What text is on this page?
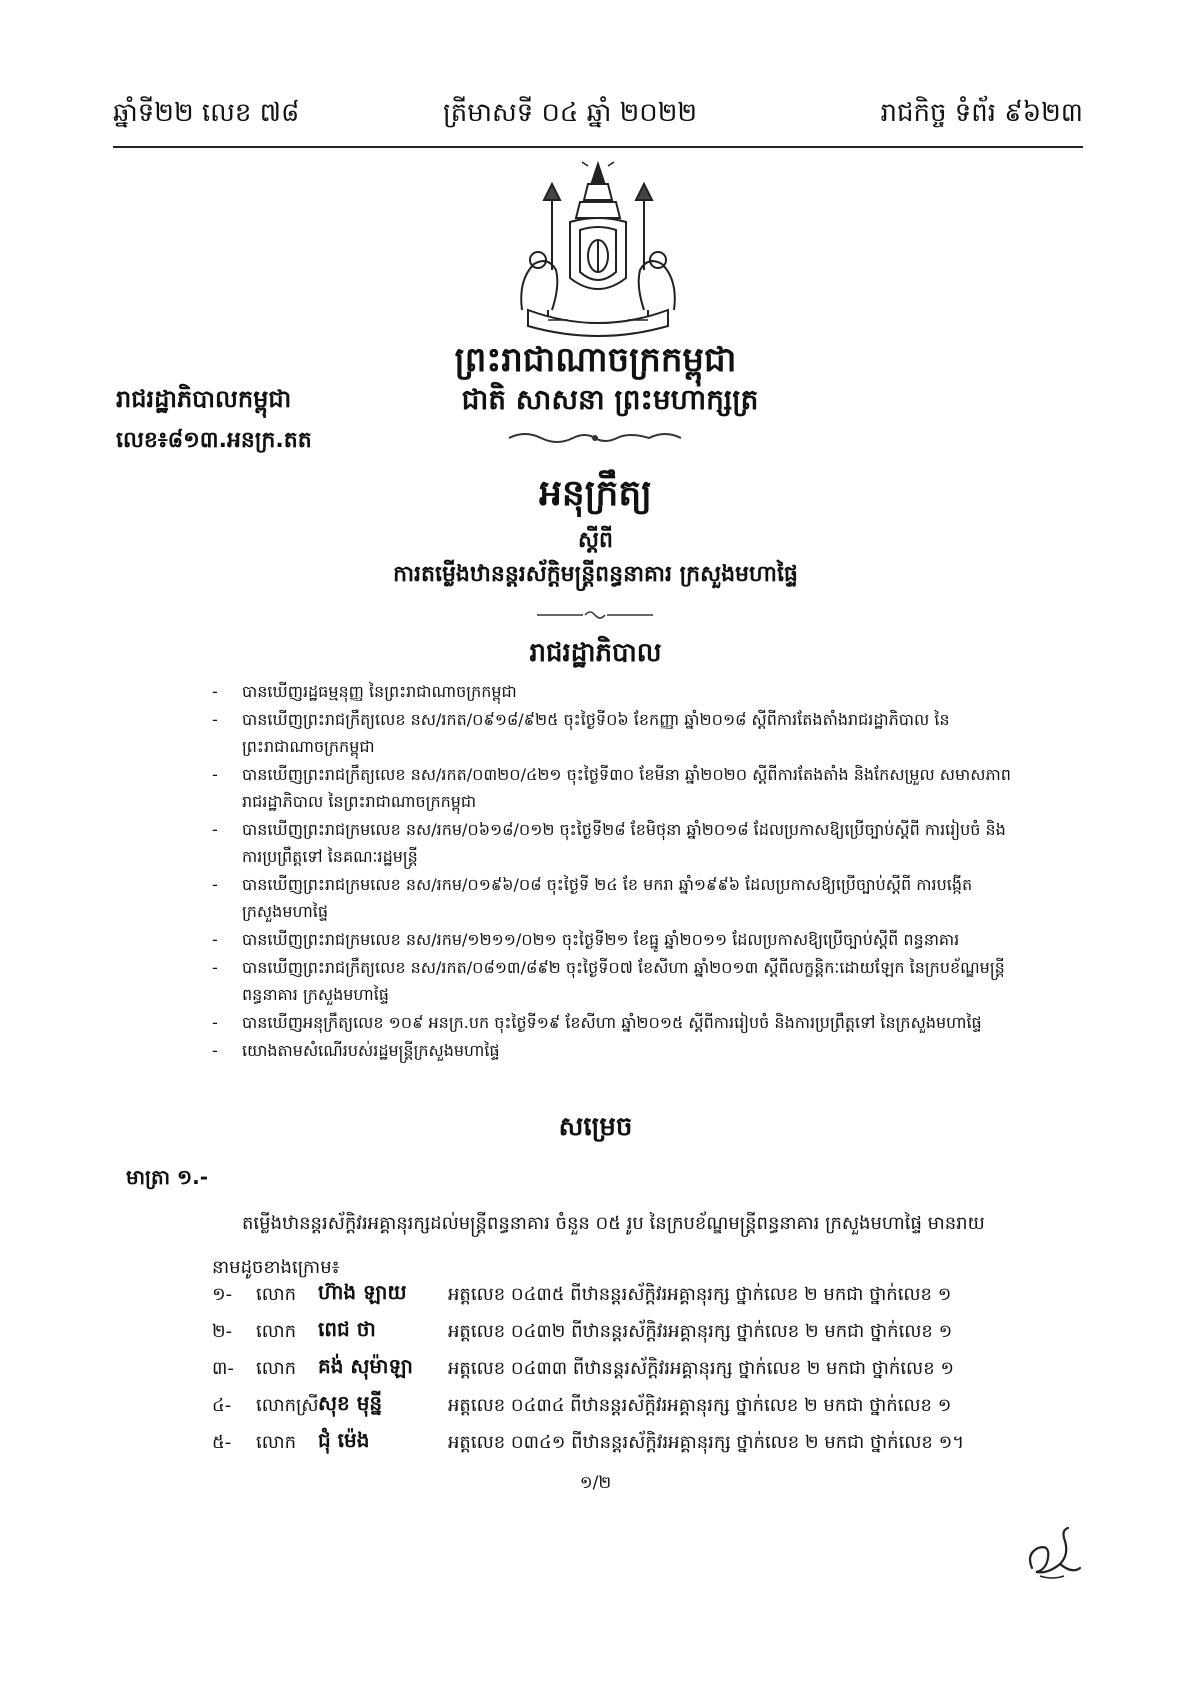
ឆ្នាំទី២២ លេខ ៧៨	ត្រីមាសទី ០៤ ឆ្នាំ ២០២២	រាជកិច្ច ទំព័រ ៩៦២៣
ព្រះរាជាណាចក្រកម្ពុជា
ជាតិ សាសនា ព្រះមហាក្សត្រ
រាជរដ្ឋាភិបាលកម្ពុជា
លេខ៖៨១៣.អនក្រ.តត
អនុក្រឹត្យ
ស្តីពី
ការតម្លើងឋានន្តរស័ក្តិមន្ត្រីពន្ធនាគារ ក្រសួងមហាផ្ទៃ
រាជរដ្ឋាភិបាល
- បានឃើញរដ្ឋធម្មនុញ្ញ នៃព្រះរាជាណាចក្រកម្ពុជា
- បានឃើញព្រះរាជក្រឹត្យលេខ នស/រកត/០៩១៨/៩២៥ ចុះថ្ងៃទី០៦ ខែកញ្ញា ឆ្នាំ២០១៨ ស្តីពីការតែងតាំងរាជរដ្ឋាភិបាល នៃព្រះរាជាណាចក្រកម្ពុជា
- បានឃើញព្រះរាជក្រឹត្យលេខ នស/រកត/០៣២០/៤២១ ចុះថ្ងៃទី៣០ ខែមីនា ឆ្នាំ២០២០ ស្តីពីការតែងតាំង និងកែសម្រួល សមាសភាពរាជរដ្ឋាភិបាល នៃព្រះរាជាណាចក្រកម្ពុជា
- បានឃើញព្រះរាជក្រមលេខ នស/រកម/០៦១៨/០១២ ចុះថ្ងៃទី២៨ ខែមិថុនា ឆ្នាំ២០១៨ ដែលប្រកាសឱ្យប្រើច្បាប់ស្តីពី ការរៀបចំ និងការប្រព្រឹត្តទៅ នៃគណៈរដ្ឋមន្ត្រី
- បានឃើញព្រះរាជក្រមលេខ នស/រកម/០១៩៦/០៨ ចុះថ្ងៃទី ២៤ ខែ មករា ឆ្នាំ១៩៩៦ ដែលប្រកាសឱ្យប្រើច្បាប់ស្តីពី ការបង្កើតក្រសួងមហាផ្ទៃ
- បានឃើញព្រះរាជក្រមលេខ នស/រកម/១២១១/០២១ ចុះថ្ងៃទី២១ ខែធ្នូ ឆ្នាំ២០១១ ដែលប្រកាសឱ្យប្រើច្បាប់ស្តីពី ពន្ធនាគារ
- បានឃើញព្រះរាជក្រឹត្យលេខ នស/រកត/០៨១៣/៨៩២ ចុះថ្ងៃទី០៧ ខែសីហា ឆ្នាំ២០១៣ ស្តីពីលក្ខន្តិកៈដោយឡែក នៃក្របខ័ណ្ឌមន្ត្រីពន្ធនាគារ ក្រសួងមហាផ្ទៃ
- បានឃើញអនុក្រឹត្យលេខ ១០៩ អនក្រ.បក ចុះថ្ងៃទី១៩ ខែសីហា ឆ្នាំ២០១៥ ស្តីពីការរៀបចំ និងការប្រព្រឹត្តទៅ នៃក្រសួងមហាផ្ទៃ
- យោងតាមសំណើរបស់រដ្ឋមន្ត្រីក្រសួងមហាផ្ទៃ
សម្រេច
មាត្រា ១.-
តម្លើងឋានន្តរស័ក្តិវរអគ្គានុរក្សដល់មន្ត្រីពន្ធនាគារ ចំនួន ០៥ រូប នៃក្របខ័ណ្ឌមន្ត្រីពន្ធនាគារ ក្រសួងមហាផ្ទៃ មានរាយនាមដូចខាងក្រោម៖
១-	លោក ហ៊ាង ឡាយ អត្តលេខ ០៤៣៥ ពីឋានន្តរស័ក្តិវរអគ្គានុរក្ស ថ្នាក់លេខ ២ មកជា ថ្នាក់លេខ ១
២-	លោក ពេជ ថា	អត្តលេខ ០៤៣២ ពីឋានន្តរស័ក្តិវរអគ្គានុរក្ស ថ្នាក់លេខ ២ មកជា ថ្នាក់លេខ ១
៣-	លោក គង់ សុម៉ាឡា អត្តលេខ ០៤៣៣ ពីឋានន្តរស័ក្តិវរអគ្គានុរក្ស ថ្នាក់លេខ ២ មកជា ថ្នាក់លេខ ១
៤-	លោកស្រី សុខ មុន្នី	អត្តលេខ ០៤៣៤ ពីឋានន្តរស័ក្តិវរអគ្គានុរក្ស ថ្នាក់លេខ ២ មកជា ថ្នាក់លេខ ១
៥-	លោក ជុំ ម៉េង	អត្តលេខ ០៣៤១ ពីឋានន្តរស័ក្តិវរអគ្គានុរក្ស ថ្នាក់លេខ ២ មកជា ថ្នាក់លេខ ១។
១/២
